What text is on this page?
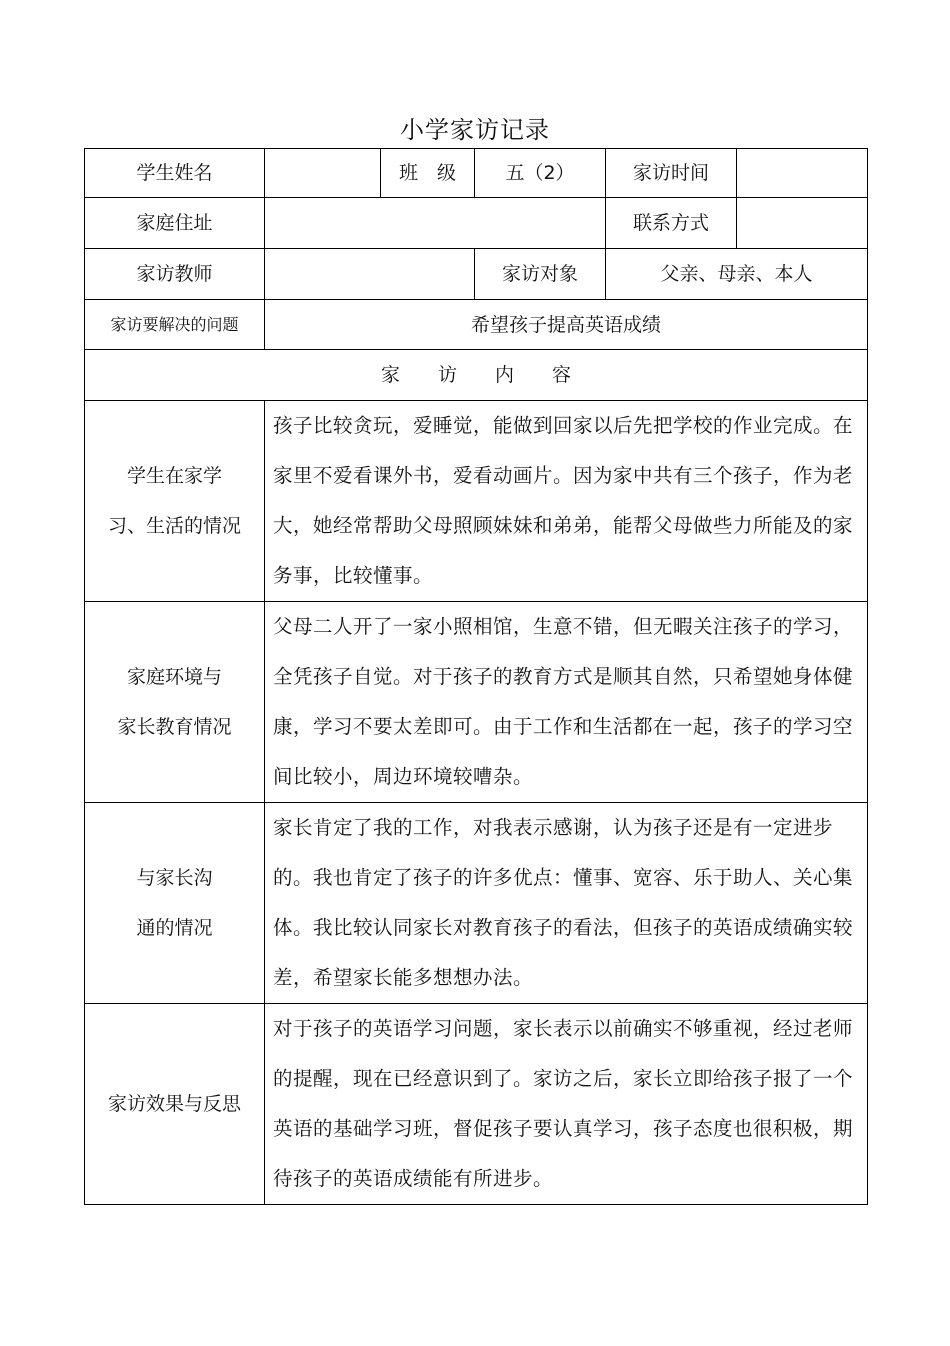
小学家访记录
学生姓名		班　级	五（2）	家访时间	
家庭住址				联系方式	
家访教师			家访对象	父亲、母亲、本人	
家访要解决的问题	希望孩子提高英语成绩				
家　　访　　内　　容					

学生在家学
习、生活的情况	孩子比较贪玩，爱睡觉，能做到回家以后先把学校的作业完成。在家里不爱看课外书，爱看动画片。因为家中共有三个孩子，作为老大，她经常帮助父母照顾妹妹和弟弟，能帮父母做些力所能及的家务事，比较懂事。				

家庭环境与
家长教育情况	父母二人开了一家小照相馆，生意不错，但无暇关注孩子的学习，全凭孩子自觉。对于孩子的教育方式是顺其自然，只希望她身体健康，学习不要太差即可。由于工作和生活都在一起，孩子的学习空间比较小，周边环境较嘈杂。				

与家长沟
通的情况	家长肯定了我的工作，对我表示感谢，认为孩子还是有一定进步的。我也肯定了孩子的许多优点：懂事、宽容、乐于助人、关心集体。我比较认同家长对教育孩子的看法，但孩子的英语成绩确实较差，希望家长能多想想办法。				

家访效果与反思	对于孩子的英语学习问题，家长表示以前确实不够重视，经过老师的提醒，现在已经意识到了。家访之后，家长立即给孩子报了一个英语的基础学习班，督促孩子要认真学习，孩子态度也很积极，期待孩子的英语成绩能有所进步。				
